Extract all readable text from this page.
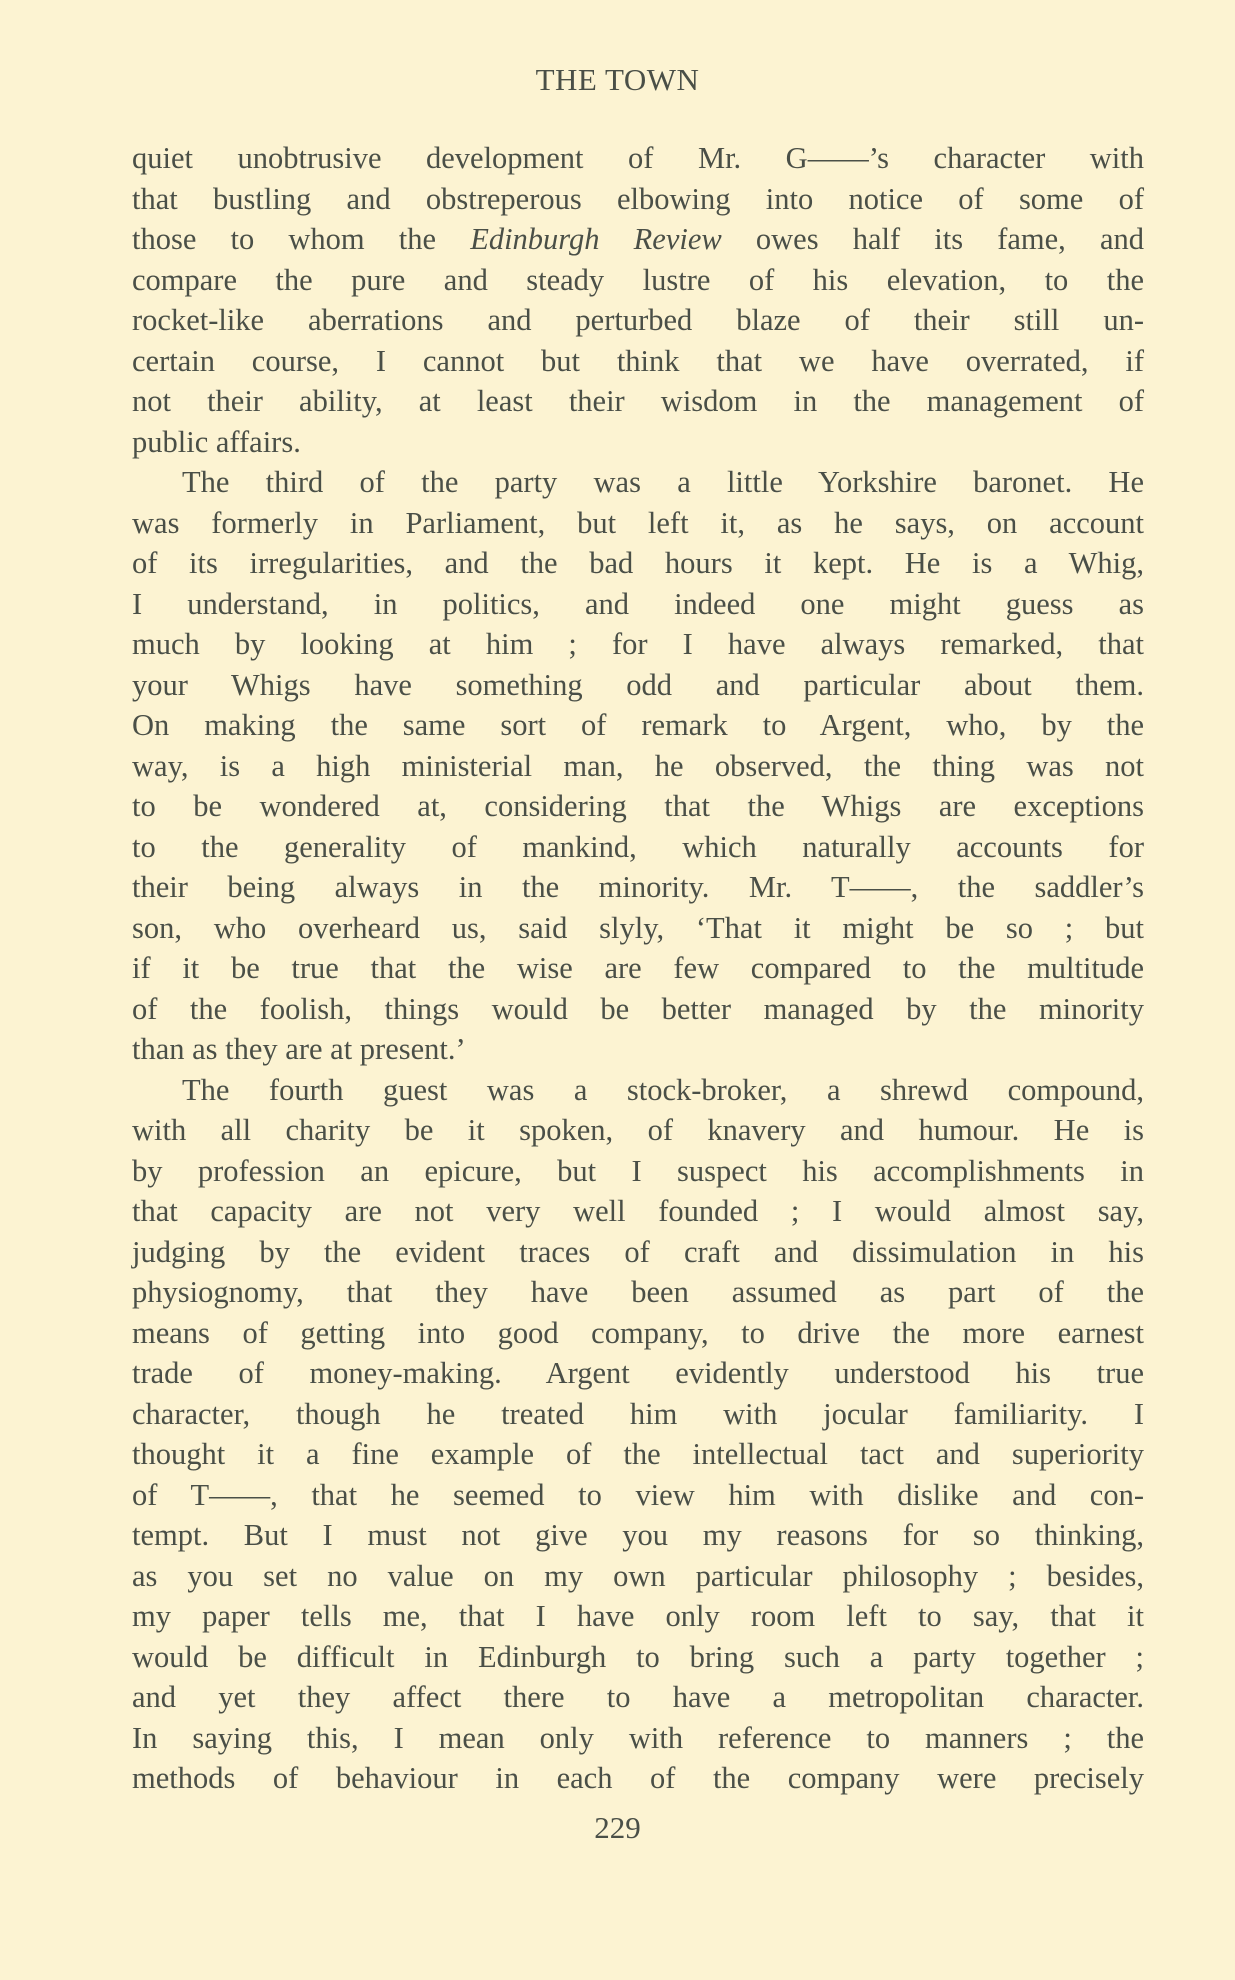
THE TOWN
quiet unobtrusive development of Mr. G——’s character with
that bustling and obstreperous elbowing into notice of some of
those to whom the Edinburgh Review owes half its fame, and
compare the pure and steady lustre of his elevation, to the
rocket-like aberrations and perturbed blaze of their still un-
certain course, I cannot but think that we have overrated, if
not their ability, at least their wisdom in the management of
public affairs.
The third of the party was a little Yorkshire baronet. He
was formerly in Parliament, but left it, as he says, on account
of its irregularities, and the bad hours it kept. He is a Whig,
I understand, in politics, and indeed one might guess as
much by looking at him ; for I have always remarked, that
your Whigs have something odd and particular about them.
On making the same sort of remark to Argent, who, by the
way, is a high ministerial man, he observed, the thing was not
to be wondered at, considering that the Whigs are exceptions
to the generality of mankind, which naturally accounts for
their being always in the minority. Mr. T——, the saddler’s
son, who overheard us, said slyly, ‘That it might be so ; but
if it be true that the wise are few compared to the multitude
of the foolish, things would be better managed by the minority
than as they are at present.’
The fourth guest was a stock-broker, a shrewd compound,
with all charity be it spoken, of knavery and humour. He is
by profession an epicure, but I suspect his accomplishments in
that capacity are not very well founded ; I would almost say,
judging by the evident traces of craft and dissimulation in his
physiognomy, that they have been assumed as part of the
means of getting into good company, to drive the more earnest
trade of money-making. Argent evidently understood his true
character, though he treated him with jocular familiarity. I
thought it a fine example of the intellectual tact and superiority
of T——, that he seemed to view him with dislike and con-
tempt. But I must not give you my reasons for so thinking,
as you set no value on my own particular philosophy ; besides,
my paper tells me, that I have only room left to say, that it
would be difficult in Edinburgh to bring such a party together ;
and yet they affect there to have a metropolitan character.
In saying this, I mean only with reference to manners ; the
methods of behaviour in each of the company were precisely
229
